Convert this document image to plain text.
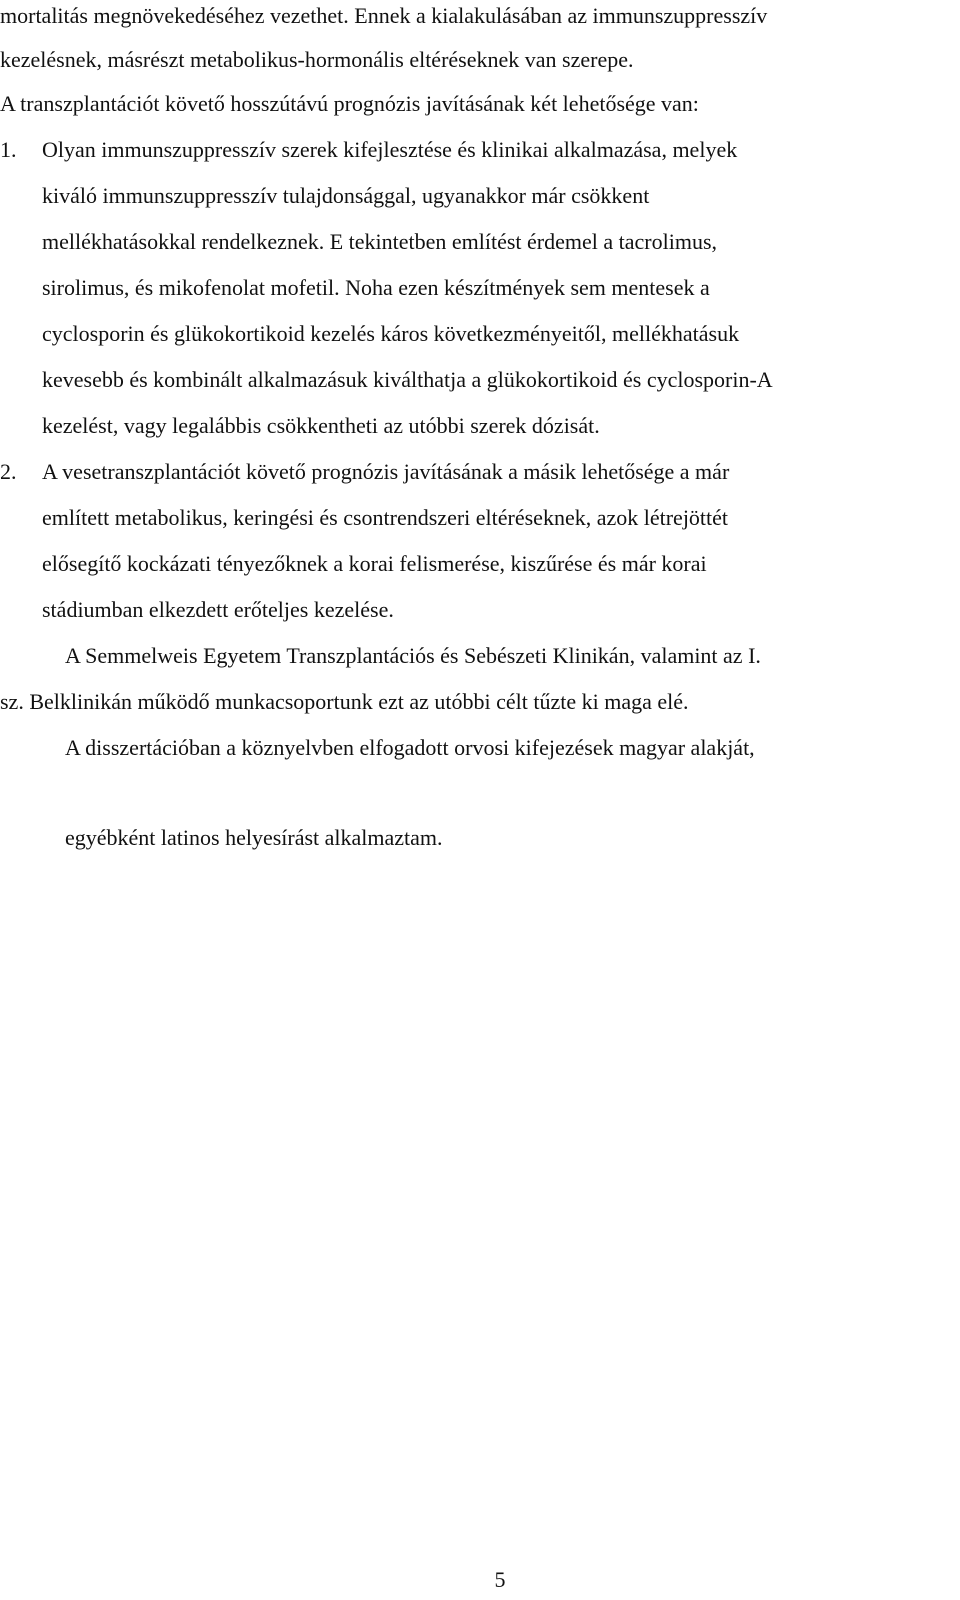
mortalitás megnövekedéséhez vezethet. Ennek a kialakulásában az immunszuppresszív
kezelésnek, másrészt metabolikus-hormonális eltéréseknek van szerepe.
A transzplantációt követő hosszútávú prognózis javításának két lehetősége van:
1.	Olyan immunszuppresszív szerek kifejlesztése és klinikai alkalmazása, melyek
kiváló immunszuppresszív tulajdonsággal, ugyanakkor már csökkent
mellékhatásokkal rendelkeznek. E tekintetben említést érdemel a tacrolimus,
sirolimus, és mikofenolat mofetil. Noha ezen készítmények sem mentesek a
cyclosporin és glükokortikoid kezelés káros következményeitől, mellékhatásuk
kevesebb és kombinált alkalmazásuk kiválthatja a glükokortikoid és cyclosporin-A
kezelést, vagy legalábbis csökkentheti az utóbbi szerek dózisát.
2.	A vesetranszplantációt követő prognózis javításának a másik lehetősége a már
említett metabolikus, keringési és csontrendszeri eltéréseknek, azok létrejöttét
elősegítő kockázati tényezőknek a korai felismerése, kiszűrése és már korai
stádiumban elkezdett erőteljes kezelése.
A Semmelweis Egyetem Transzplantációs és Sebészeti Klinikán, valamint az I.
sz. Belklinikán működő munkacsoportunk ezt az utóbbi célt tűzte ki maga elé.
A disszertációban a köznyelvben elfogadott orvosi kifejezések magyar alakját,
egyébként latinos helyesírást alkalmaztam.
5
